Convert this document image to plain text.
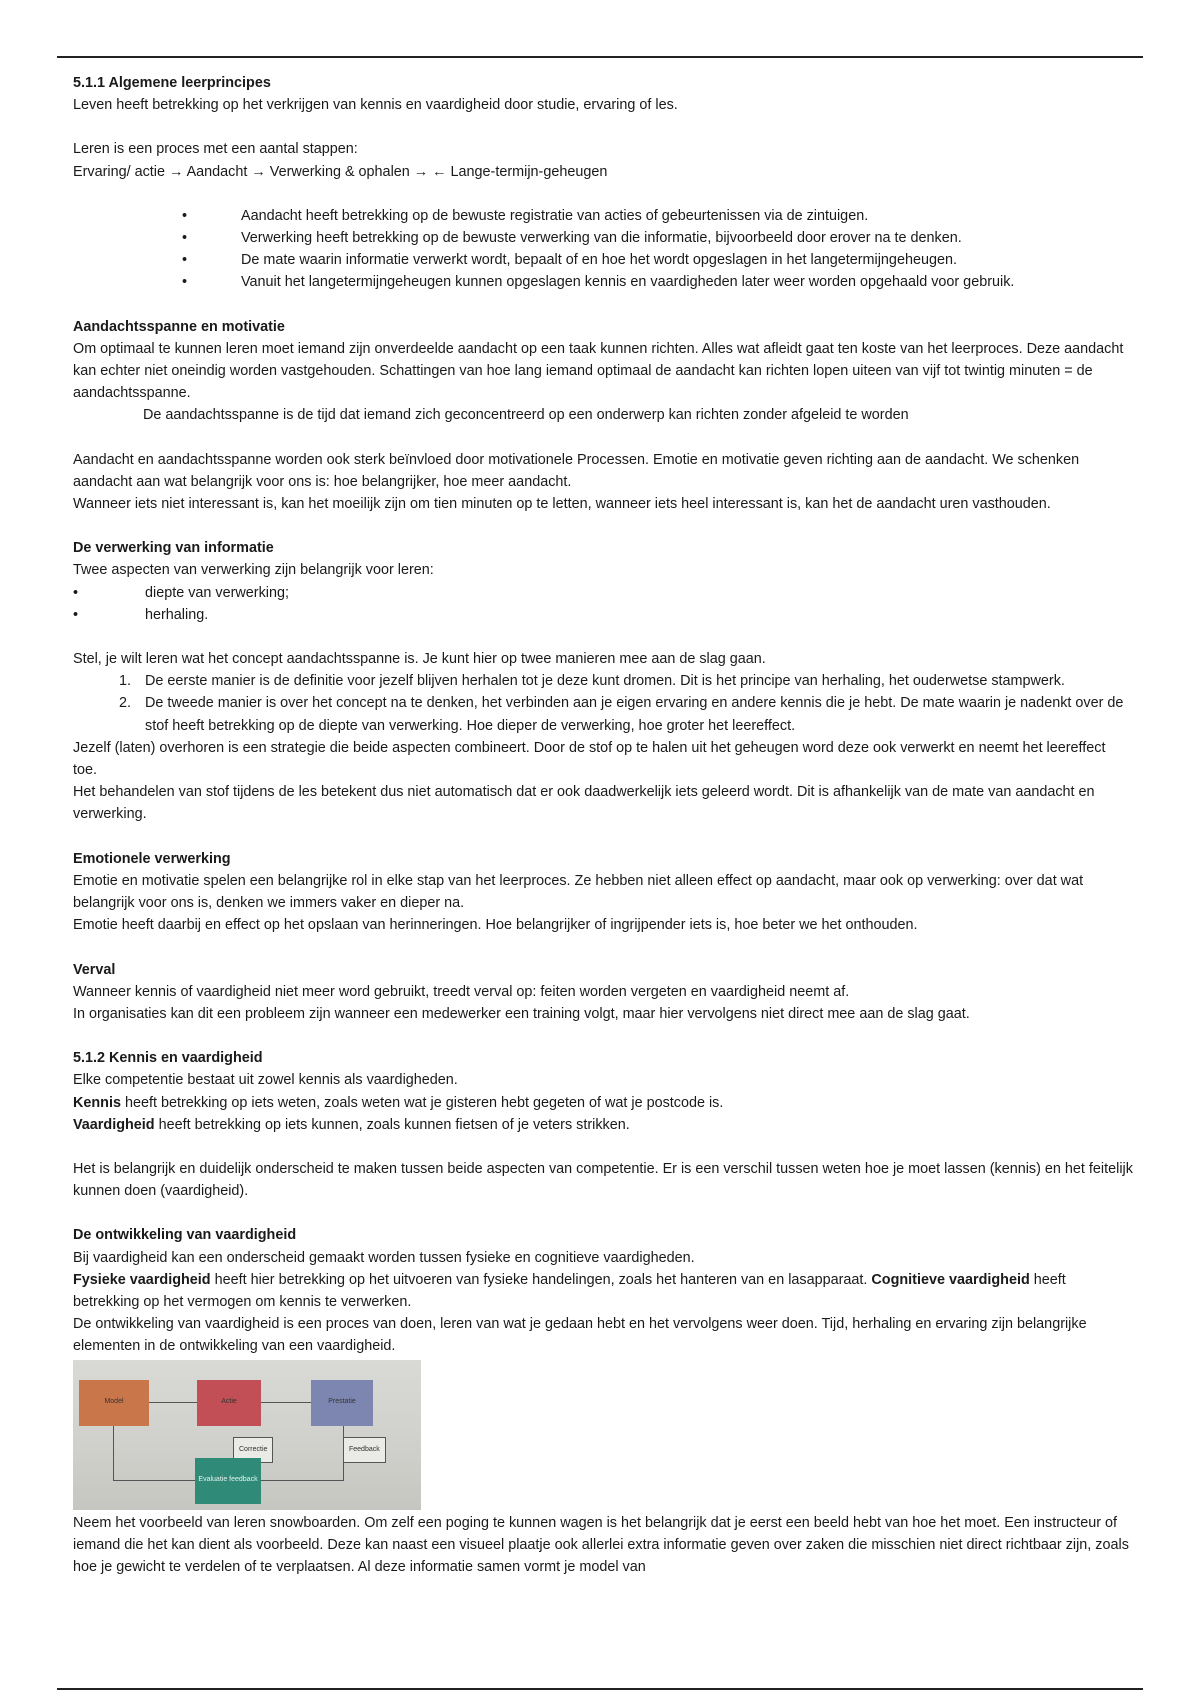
5.1.1 Algemene leerprincipes

Leven heeft betrekking op het verkrijgen van kennis en vaardigheid door studie, ervaring of les.

Leren is een proces met een aantal stappen:

Ervaring/ actie → Aandacht → Verwerking & ophalen → ← Lange-termijn-geheugen

•	Aandacht heeft betrekking op de bewuste registratie van acties of gebeurtenissen via de zintuigen.
•	Verwerking heeft betrekking op de bewuste verwerking van die informatie, bijvoorbeeld door erover na te denken.
•	De mate waarin informatie verwerkt wordt, bepaalt of en hoe het wordt opgeslagen in het langetermijngeheugen.
•	Vanuit het langetermijngeheugen kunnen opgeslagen kennis en vaardigheden later weer worden opgehaald voor gebruik.

Aandachtsspanne en motivatie

Om optimaal te kunnen leren moet iemand zijn onverdeelde aandacht op een taak kunnen richten. Alles wat afleidt gaat ten koste van het leerproces. Deze aandacht kan echter niet oneindig worden vastgehouden. Schattingen van hoe lang iemand optimaal de aandacht kan richten lopen uiteen van vijf tot twintig minuten = de aandachtsspanne.

De aandachtsspanne is de tijd dat iemand zich geconcentreerd op een onderwerp kan richten zonder afgeleid te worden

Aandacht en aandachtsspanne worden ook sterk beïnvloed door motivationele Processen. Emotie en motivatie geven richting aan de aandacht. We schenken aandacht aan wat belangrijk voor ons is: hoe belangrijker, hoe meer aandacht.

Wanneer iets niet interessant is, kan het moeilijk zijn om tien minuten op te letten, wanneer iets heel interessant is, kan het de aandacht uren vasthouden.

De verwerking van informatie

Twee aspecten van verwerking zijn belangrijk voor leren:

•	diepte van verwerking;
•	herhaling.

Stel, je wilt leren wat het concept aandachtsspanne is. Je kunt hier op twee manieren mee aan de slag gaan.

1. De eerste manier is de definitie voor jezelf blijven herhalen tot je deze kunt dromen. Dit is het principe van herhaling, het ouderwetse stampwerk.
2. De tweede manier is over het concept na te denken, het verbinden aan je eigen ervaring en andere kennis die je hebt. De mate waarin je nadenkt over de stof heeft betrekking op de diepte van verwerking. Hoe dieper de verwerking, hoe groter het leereffect.

Jezelf (laten) overhoren is een strategie die beide aspecten combineert. Door de stof op te halen uit het geheugen word deze ook verwerkt en neemt het leereffect toe.

Het behandelen van stof tijdens de les betekent dus niet automatisch dat er ook daadwerkelijk iets geleerd wordt. Dit is afhankelijk van de mate van aandacht en verwerking.

Emotionele verwerking

Emotie en motivatie spelen een belangrijke rol in elke stap van het leerproces. Ze hebben niet alleen effect op aandacht, maar ook op verwerking: over dat wat belangrijk voor ons is, denken we immers vaker en dieper na.

Emotie heeft daarbij en effect op het opslaan van herinneringen. Hoe belangrijker of ingrijpender iets is, hoe beter we het onthouden.

Verval

Wanneer kennis of vaardigheid niet meer word gebruikt, treedt verval op: feiten worden vergeten en vaardigheid neemt af.

In organisaties kan dit een probleem zijn wanneer een medewerker een training volgt, maar hier vervolgens niet direct mee aan de slag gaat.

5.1.2 Kennis en vaardigheid

Elke competentie bestaat uit zowel kennis als vaardigheden.

Kennis heeft betrekking op iets weten, zoals weten wat je gisteren hebt gegeten of wat je postcode is.

Vaardigheid heeft betrekking op iets kunnen, zoals kunnen fietsen of je veters strikken.

Het is belangrijk en duidelijk onderscheid te maken tussen beide aspecten van competentie. Er is een verschil tussen weten hoe je moet lassen (kennis) en het feitelijk kunnen doen (vaardigheid).

De ontwikkeling van vaardigheid

Bij vaardigheid kan een onderscheid gemaakt worden tussen fysieke en cognitieve vaardigheden.

Fysieke vaardigheid heeft hier betrekking op het uitvoeren van fysieke handelingen, zoals het hanteren van en lasapparaat. Cognitieve vaardigheid heeft betrekking op het vermogen om kennis te verwerken.

De ontwikkeling van vaardigheid is een proces van doen, leren van wat je gedaan hebt en het vervolgens weer doen. Tijd, herhaling en ervaring zijn belangrijke elementen in de ontwikkeling van een vaardigheid.

Model	Actie	Prestatie
Correctie	Feedback
Evaluatie feedback

Neem het voorbeeld van leren snowboarden. Om zelf een poging te kunnen wagen is het belangrijk dat je eerst een beeld hebt van hoe het moet. Een instructeur of iemand die het kan dient als voorbeeld. Deze kan naast een visueel plaatje ook allerlei extra informatie geven over zaken die misschien niet direct richtbaar zijn, zoals hoe je gewicht te verdelen of te verplaatsen. Al deze informatie samen vormt je model van
